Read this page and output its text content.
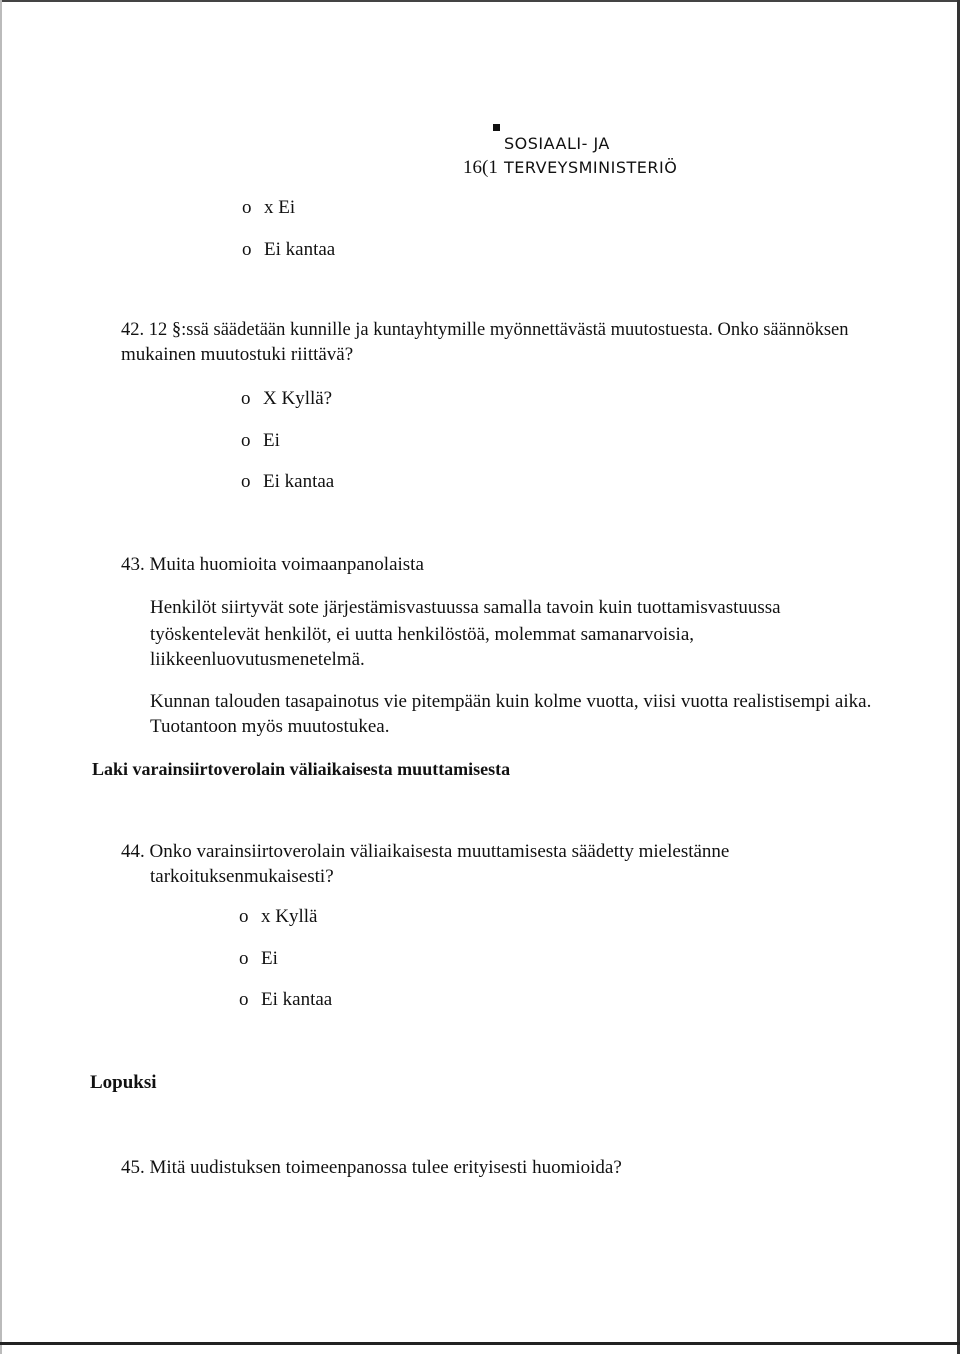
SOSIAALI- JA
16(1 TERVEYSMINISTERIÖ
o x Ei
o Ei kantaa
42. 12 §:ssä säädetään kunnille ja kuntayhtymille myönnettävästä muutostuesta. Onko säännöksen
mukainen muutostuki riittävä?
o X Kyllä?
o Ei
o Ei kantaa
43. Muita huomioita voimaanpanolaista
Henkilöt siirtyvät sote järjestämisvastuussa samalla tavoin kuin tuottamisvastuussa
työskentelevät henkilöt, ei uutta henkilöstöä, molemmat samanarvoisia,
liikkeenluovutusmenetelmä.
Kunnan talouden tasapainotus vie pitempään kuin kolme vuotta, viisi vuotta realistisempi aika.
Tuotantoon myös muutostukea.
Laki varainsiirtoverolain väliaikaisesta muuttamisesta
44. Onko varainsiirtoverolain väliaikaisesta muuttamisesta säädetty mielestänne
tarkoituksenmukaisesti?
o x Kyllä
o Ei
o Ei kantaa
Lopuksi
45. Mitä uudistuksen toimeenpanossa tulee erityisesti huomioida?
